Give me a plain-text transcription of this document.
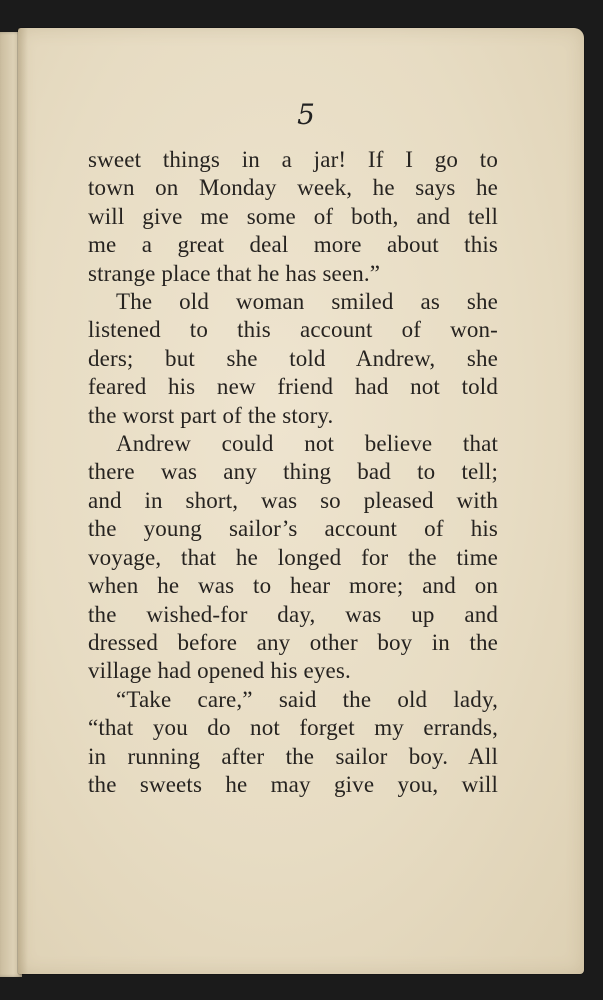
5
sweet things in a jar! If I go to
town on Monday week, he says he
will give me some of both, and tell
me a great deal more about this
strange place that he has seen.”
The old woman smiled as she
listened to this account of won-
ders; but she told Andrew, she
feared his new friend had not told
the worst part of the story.
Andrew could not believe that
there was any thing bad to tell;
and in short, was so pleased with
the young sailor’s account of his
voyage, that he longed for the time
when he was to hear more; and on
the wished-for day, was up and
dressed before any other boy in the
village had opened his eyes.
“Take care,” said the old lady,
“that you do not forget my errands,
in running after the sailor boy. All
the sweets he may give you, will
